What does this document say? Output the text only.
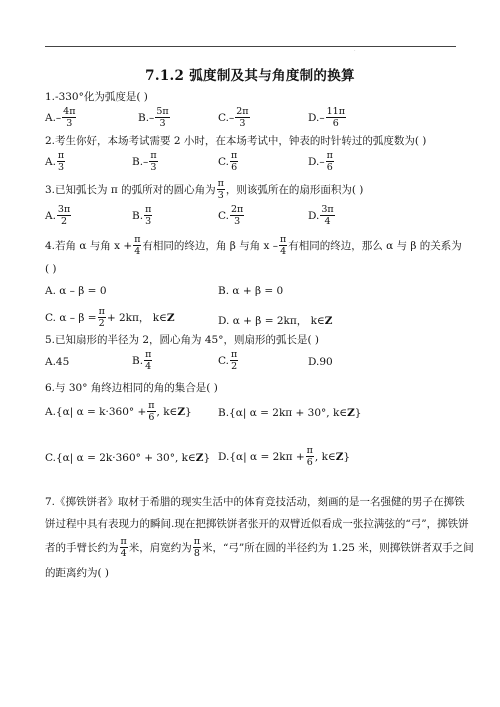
·
7.1.2 弧度制及其与角度制的换算
1.-330°化为弧度是( )
$A.- \frac{4\pi}{3}$	$B.- \frac{5\pi}{3}$	$C.- \frac{2\pi}{3}$	$D.- \frac{11\pi}{6}$
2.考生你好，本场考试需要 2 小时，在本场考试中，钟表的时针转过的弧度数为( )
A. $\frac{\pi}{3}$	$B.- \frac{\pi}{3}$	C. $\frac{\pi}{6}$	$D.- \frac{\pi}{6}$
3.已知弧长为 π 的弧所对的圆心角为 $\frac{\pi}{3}$ ，则该弧所在的扇形面积为( )
A. $\frac{3\pi}{2}$	B. $\frac{\pi}{3}$	C. $\frac{2\pi}{3}$	D. $\frac{3\pi}{4}$
4.若角 α 与角 $x + \frac{\pi}{4}$ 有相同的终边，角 β 与角 x – $\frac{\pi}{4}$ 有相同的终边，那么 α 与 β 的关系为
( )
A. α – β = 0	B. α + β = 0
C. $\alpha - \beta = \frac{\pi}{2} + 2k\pi$， k∈ Z	D. α + β = 2kπ， k∈ Z
5.已知扇形的半径为 2，圆心角为 45°，则扇形的弧长是( )
A.45	B. $\frac{\pi}{4}$	C. $\frac{\pi}{2}$	D.90
6.与 30° 角终边相同的角的集合是( )
A.{α| $\alpha = k\cdot 360^\circ + \frac{\pi}{6}$ , k∈ Z }	B.{α| α = 2kπ + 30°, k∈ Z }
C.{α| α = 2k·360° + 30°, k∈ Z } D.{α| $\alpha = 2k\pi + \frac{\pi}{6}$ , k∈ Z }
7.《掷铁饼者》取材于希腊的现实生活中的体育竞技活动，刻画的是一名强健的男子在掷铁
饼过程中具有表现力的瞬间.现在把掷铁饼者张开的双臂近似看成一张拉满弦的“弓”，掷铁饼
者的手臂长约为 $\frac{\pi}{4}$ 米，肩宽约为 $\frac{\pi}{8}$ 米，“弓”所在圆的半径约为 1.25 米，则掷铁饼者双手之间
的距离约为( )
